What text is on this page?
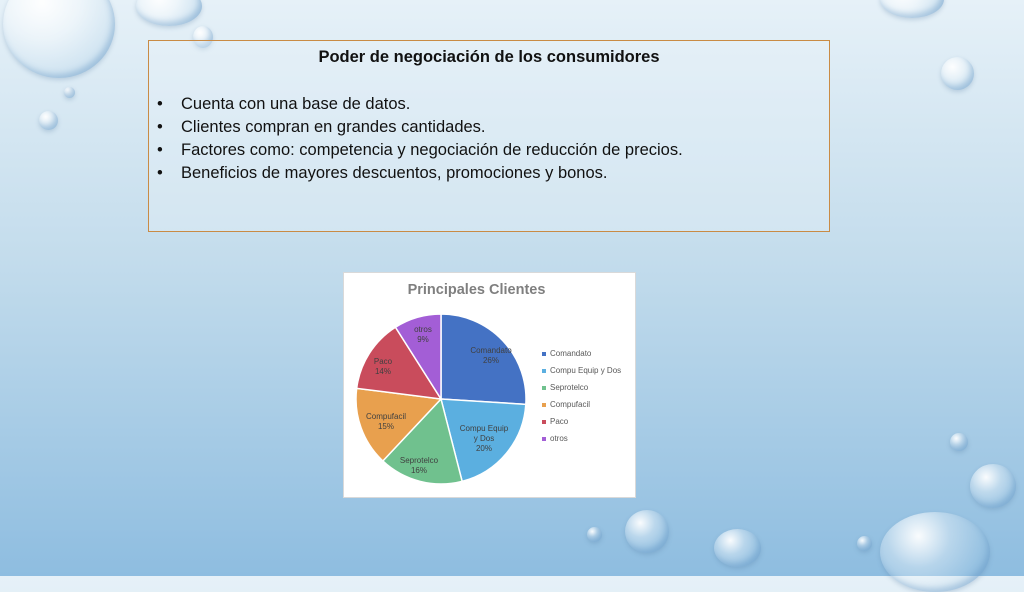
Poder de negociación de los consumidores
• Cuenta con una base de datos.
• Clientes compran en grandes cantidades.
• Factores como: competencia y negociación de reducción de precios.
• Beneficios de mayores descuentos, promociones y bonos.
Principales Clientes
Comandato 26%
Compu Equip y Dos 20%
Seprotelco 16%
Compufacil 15%
Paco 14%
otros 9%
Comandato
Compu Equip y Dos
Seprotelco
Compufacil
Paco
otros
